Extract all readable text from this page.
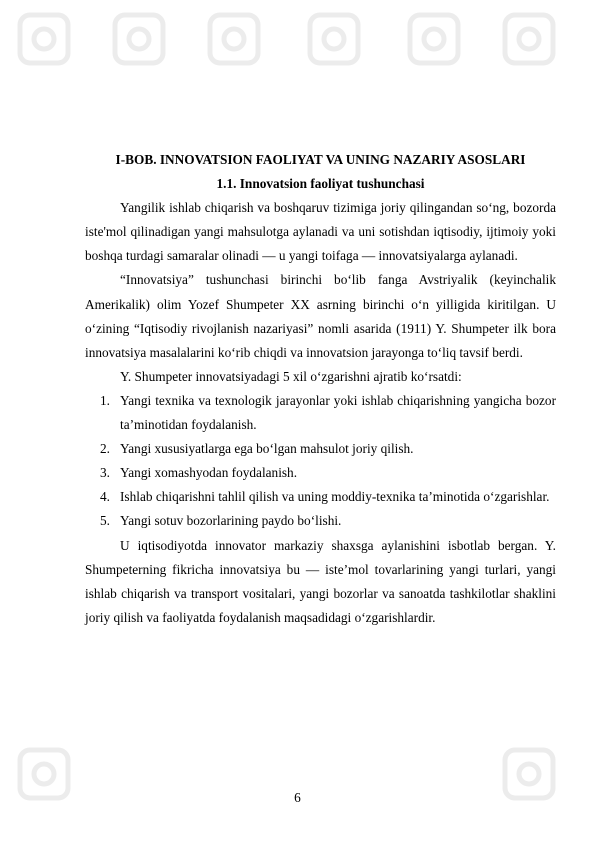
I-BOB. INNOVATSION FAOLIYAT VA UNING NAZARIY ASOSLARI

1.1. Innovatsion faoliyat tushunchasi

Yangilik ishlab chiqarish va boshqaruv tizimiga joriy qilingandan so‘ng, bozorda iste'mol qilinadigan yangi mahsulotga aylanadi va uni sotishdan iqtisodiy, ijtimoiy yoki boshqa turdagi samaralar olinadi — u yangi toifaga — innovatsiyalarga aylanadi.

“Innovatsiya” tushunchasi birinchi bo‘lib fanga Avstriyalik (keyinchalik Amerikalik) olim Yozef Shumpeter XX asrning birinchi o‘n yilligida kiritilgan. U o‘zining “Iqtisodiy rivojlanish nazariyasi” nomli asarida (1911) Y. Shumpeter ilk bora innovatsiya masalalarini ko‘rib chiqdi va innovatsion jarayonga to‘liq tavsif berdi.

Y. Shumpeter innovatsiyadagi 5 xil o‘zgarishni ajratib ko‘rsatdi:

1. Yangi texnika va texnologik jarayonlar yoki ishlab chiqarishning yangicha bozor ta’minotidan foydalanish.
2. Yangi xususiyatlarga ega bo‘lgan mahsulot joriy qilish.
3. Yangi xomashyodan foydalanish.
4. Ishlab chiqarishni tahlil qilish va uning moddiy-texnika ta’minotida o‘zgarishlar.
5. Yangi sotuv bozorlarining paydo bo‘lishi.

U iqtisodiyotda innovator markaziy shaxsga aylanishini isbotlab bergan. Y. Shumpeterning fikricha innovatsiya bu — iste’mol tovarlarining yangi turlari, yangi ishlab chiqarish va transport vositalari, yangi bozorlar va sanoatda tashkilotlar shaklini joriy qilish va faoliyatda foydalanish maqsadidagi o‘zgarishlardir.

6
